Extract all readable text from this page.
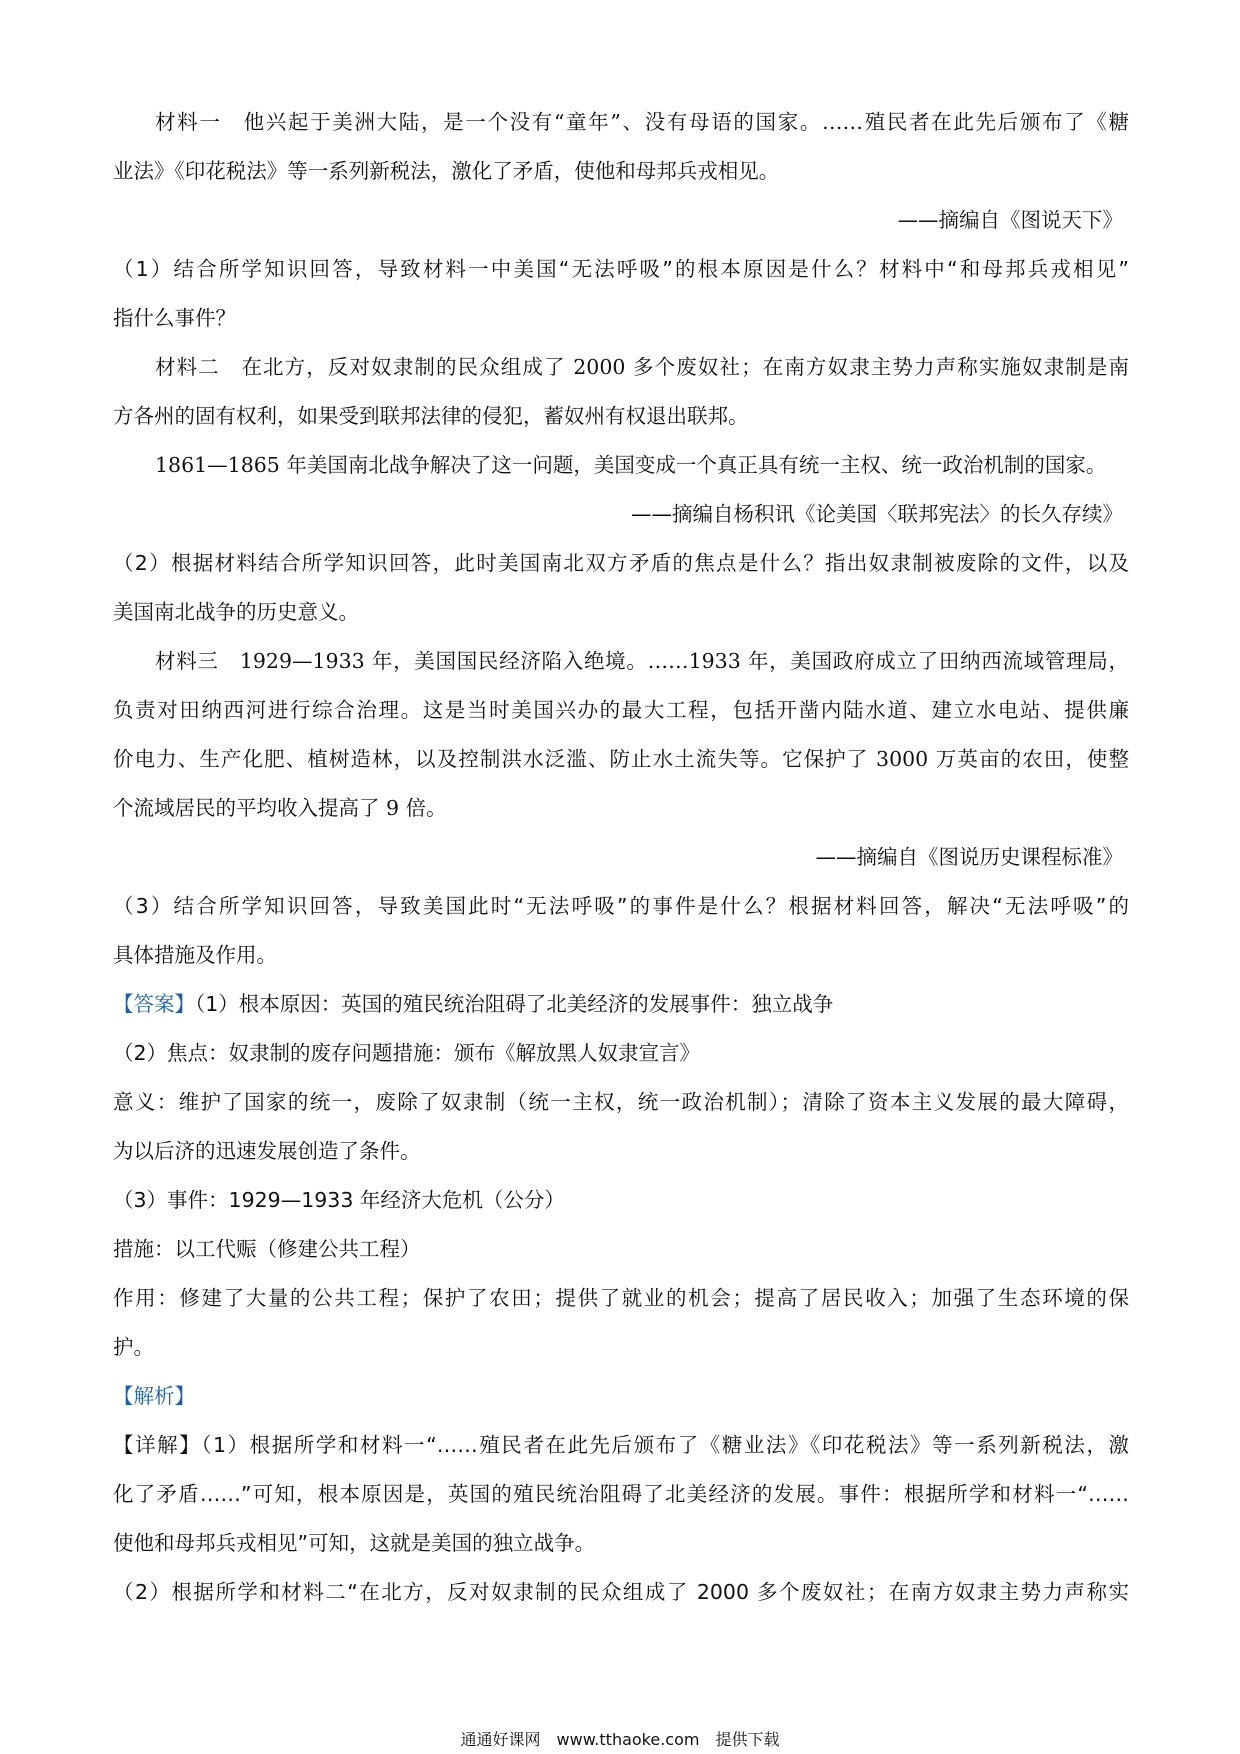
材料一　他兴起于美洲大陆，是一个没有“童年”、没有母语的国家。……殖民者在此先后颁布了《糖

业法》《印花税法》等一系列新税法，激化了矛盾，使他和母邦兵戎相见。

——摘编自《图说天下》

（1）结合所学知识回答，导致材料一中美国“无法呼吸”的根本原因是什么？材料中“和母邦兵戎相见”

指什么事件？

材料二　在北方，反对奴隶制的民众组成了 2000 多个废奴社；在南方奴隶主势力声称实施奴隶制是南

方各州的固有权利，如果受到联邦法律的侵犯，蓄奴州有权退出联邦。

1861—1865 年美国南北战争解决了这一问题，美国变成一个真正具有统一主权、统一政治机制的国家。

——摘编自杨积讯《论美国〈联邦宪法〉的长久存续》

（2）根据材料结合所学知识回答，此时美国南北双方矛盾的焦点是什么？指出奴隶制被废除的文件，以及

美国南北战争的历史意义。

材料三　1929—1933 年，美国国民经济陷入绝境。……1933 年，美国政府成立了田纳西流域管理局，

负责对田纳西河进行综合治理。这是当时美国兴办的最大工程，包括开凿内陆水道、建立水电站、提供廉

价电力、生产化肥、植树造林，以及控制洪水泛滥、防止水土流失等。它保护了 3000 万英亩的农田，使整

个流域居民的平均收入提高了 9 倍。

——摘编自《图说历史课程标准》

（3）结合所学知识回答，导致美国此时“无法呼吸”的事件是什么？根据材料回答，解决“无法呼吸”的

具体措施及作用。

【答案】（1）根本原因：英国的殖民统治阻碍了北美经济的发展事件：独立战争

（2）焦点：奴隶制的废存问题措施：颁布《解放黑人奴隶宣言》

意义：维护了国家的统一，废除了奴隶制（统一主权，统一政治机制）；清除了资本主义发展的最大障碍，

为以后济的迅速发展创造了条件。

（3）事件：1929—1933 年经济大危机（公分）

措施：以工代赈（修建公共工程）

作用：修建了大量的公共工程；保护了农田；提供了就业的机会；提高了居民收入；加强了生态环境的保

护。

【解析】

【详解】（1）根据所学和材料一“……殖民者在此先后颁布了《糖业法》《印花税法》等一系列新税法，激

化了矛盾……”可知，根本原因是，英国的殖民统治阻碍了北美经济的发展。事件：根据所学和材料一“……

使他和母邦兵戎相见”可知，这就是美国的独立战争。

（2）根据所学和材料二“在北方，反对奴隶制的民众组成了 2000 多个废奴社；在南方奴隶主势力声称实

通通好课网　www.tthaoke.com　提供下载
